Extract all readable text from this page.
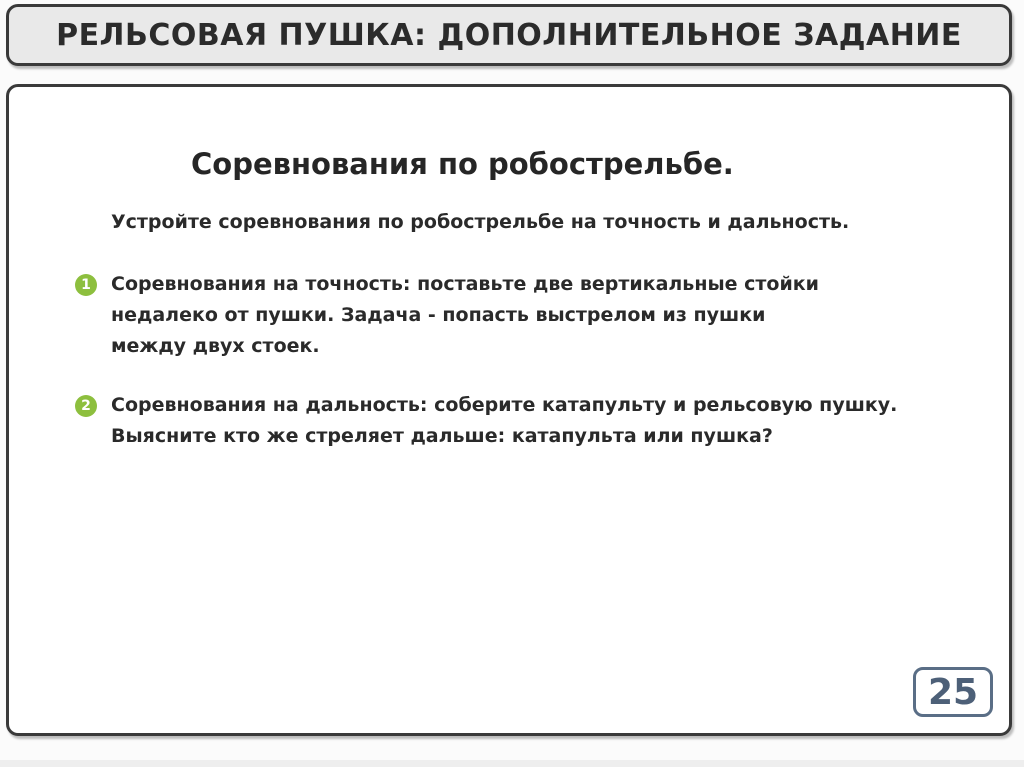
РЕЛЬСОВАЯ ПУШКА: ДОПОЛНИТЕЛЬНОЕ ЗАДАНИЕ
Соревнования по робострельбе.
Устройте соревнования по робострельбе на точность и дальность.
1	Соревнования на точность: поставьте две вертикальные стойки
недалеко от пушки. Задача - попасть выстрелом из пушки
между двух стоек.
2	Соревнования на дальность: соберите катапульту и рельсовую пушку.
Выясните кто же стреляет дальше: катапульта или пушка?
25
